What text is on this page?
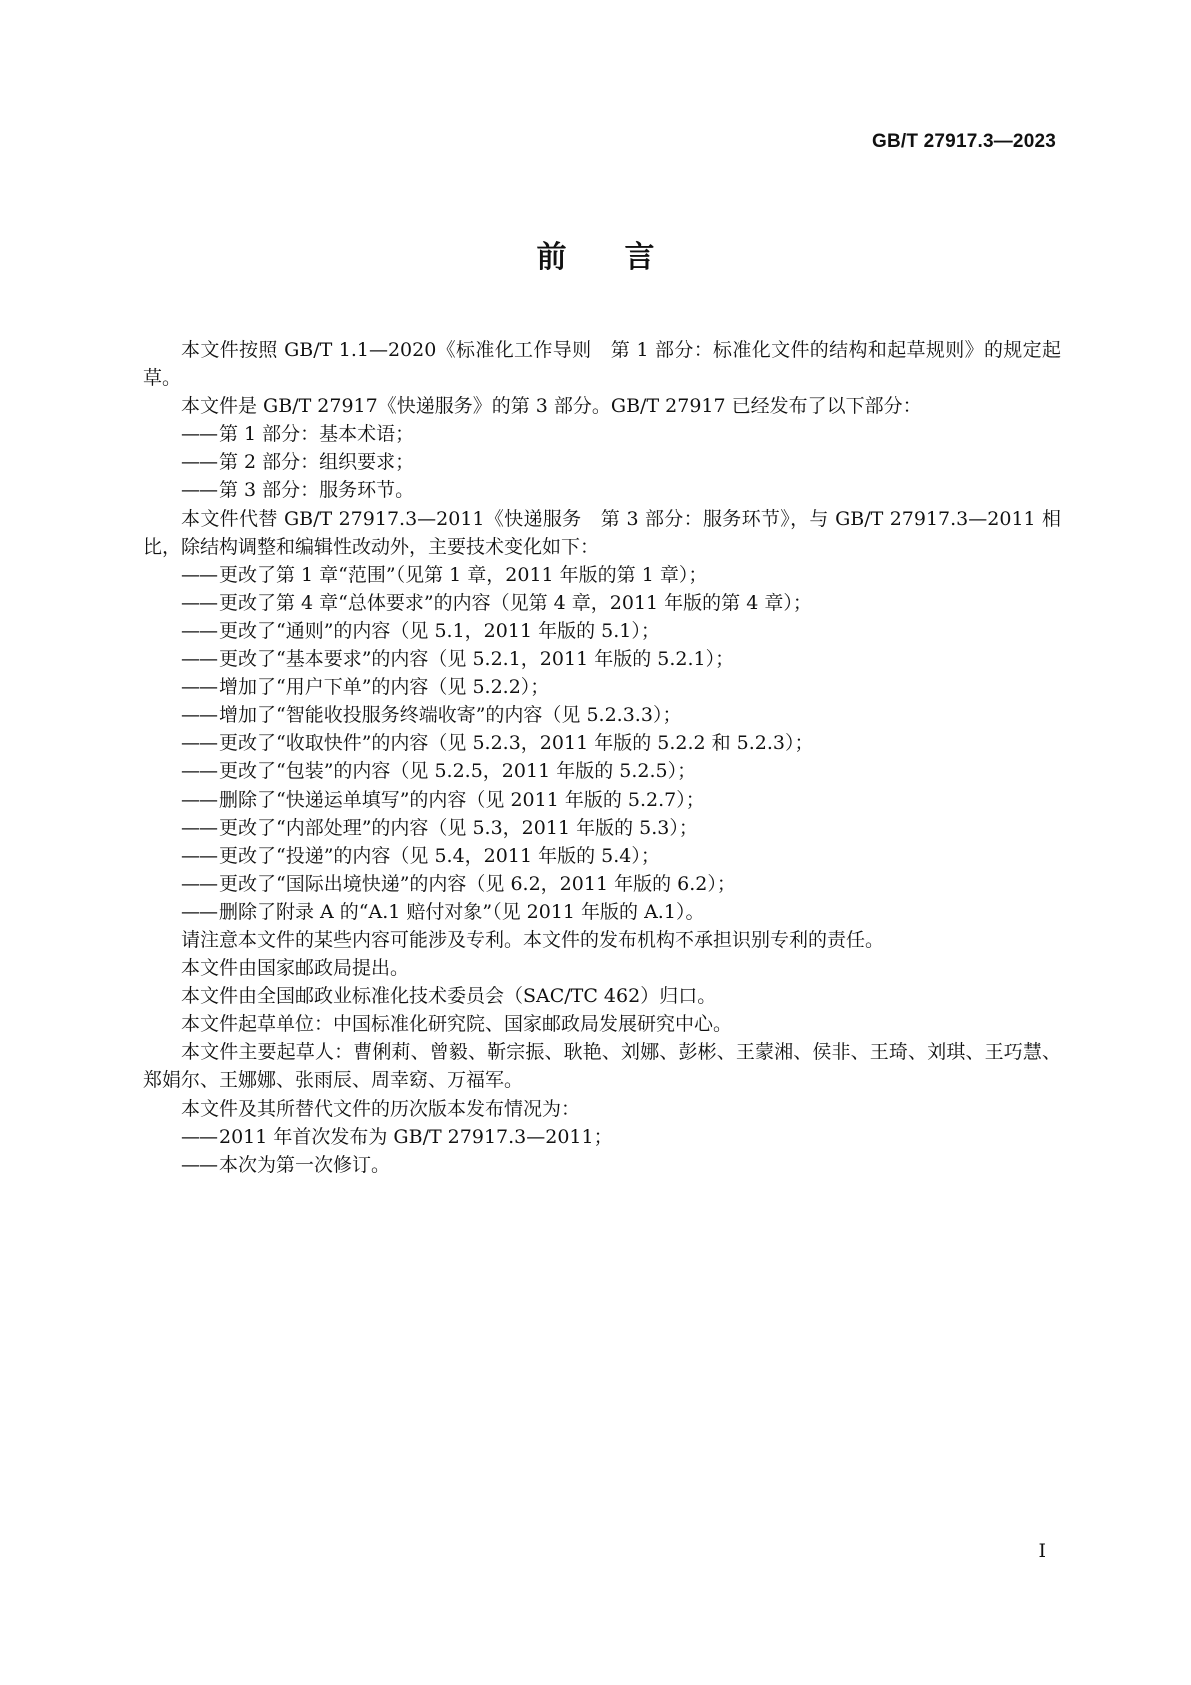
GB/T 27917.3—2023
前言

本文件按照 GB/T 1.1—2020《标准化工作导则　第 1 部分：标准化文件的结构和起草规则》的规定起草。

本文件是 GB/T 27917《快递服务》的第 3 部分。GB/T 27917 已经发布了以下部分：

—— 第 1 部分：基本术语；
—— 第 2 部分：组织要求；
—— 第 3 部分：服务环节。

本文件代替 GB/T 27917.3—2011《快递服务　第 3 部分：服务环节》，与 GB/T 27917.3—2011 相比，除结构调整和编辑性改动外，主要技术变化如下：

—— 更改了第 1 章“范围”（见第 1 章，2011 年版的第 1 章）；
—— 更改了第 4 章“总体要求”的内容（见第 4 章，2011 年版的第 4 章）；
—— 更改了“通则”的内容（见 5.1，2011 年版的 5.1）；
—— 更改了“基本要求”的内容（见 5.2.1，2011 年版的 5.2.1）；
—— 增加了“用户下单”的内容（见 5.2.2）；
—— 增加了“智能收投服务终端收寄”的内容（见 5.2.3.3）；
—— 更改了“收取快件”的内容（见 5.2.3，2011 年版的 5.2.2 和 5.2.3）；
—— 更改了“包装”的内容（见 5.2.5，2011 年版的 5.2.5）；
—— 删除了“快递运单填写”的内容（见 2011 年版的 5.2.7）；
—— 更改了“内部处理”的内容（见 5.3，2011 年版的 5.3）；
—— 更改了“投递”的内容（见 5.4，2011 年版的 5.4）；
—— 更改了“国际出境快递”的内容（见 6.2，2011 年版的 6.2）；
—— 删除了附录 A 的“A.1 赔付对象”（见 2011 年版的 A.1）。

请注意本文件的某些内容可能涉及专利。本文件的发布机构不承担识别专利的责任。

本文件由国家邮政局提出。

本文件由全国邮政业标准化技术委员会（SAC/TC 462）归口。

本文件起草单位：中国标准化研究院、国家邮政局发展研究中心。

本文件主要起草人：曹俐莉、曾毅、靳宗振、耿艳、刘娜、彭彬、王蒙湘、侯非、王琦、刘琪、王巧慧、郑娟尔、王娜娜、张雨辰、周幸窈、万福军。

本文件及其所替代文件的历次版本发布情况为：

—— 2011 年首次发布为 GB/T 27917.3—2011；
—— 本次为第一次修订。
I
